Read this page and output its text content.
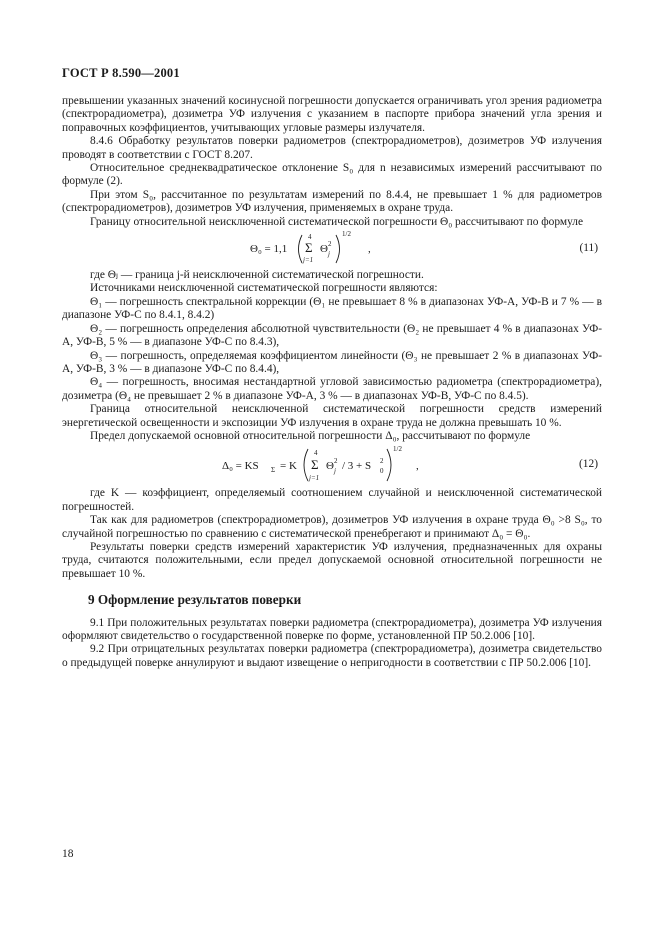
ГОСТ Р 8.590—2001

превышении указанных значений косинусной погрешности допускается ограничивать угол зрения радиометра (спектрорадиометра), дозиметра УФ излучения с указанием в паспорте прибора значений угла зрения и поправочных коэффициентов, учитывающих угловые размеры излучателя.

8.4.6 Обработку результатов поверки радиометров (спектрорадиометров), дозиметров УФ излучения проводят в соответствии с ГОСТ 8.207.

Относительное среднеквадратическое отклонение S₀ для n независимых измерений рассчитывают по формуле (2).

При этом S₀, рассчитанное по результатам измерений по 8.4.4, не превышает 1 % для радиометров (спектрорадиометров), дозиметров УФ излучения, применяемых в охране труда.

Границу относительной неисключенной систематической погрешности Θ₀ рассчитывают по формуле

Θ₀ = 1,1
4
Σ
j=1
Θ 2
j
1/2
,	(11)

где Θⱼ — граница j-й неисключенной систематической погрешности.

Источниками неисключенной систематической погрешности являются:

Θ₁ — погрешность спектральной коррекции (Θ₁ не превышает 8 % в диапазонах УФ-А, УФ-В и 7 % — в диапазоне УФ-С по 8.4.1, 8.4.2)

Θ₂ — погрешность определения абсолютной чувствительности (Θ₂ не превышает 4 % в диапазонах УФ-А, УФ-В, 5 % — в диапазоне УФ-С по 8.4.3),

Θ₃ — погрешность, определяемая коэффициентом линейности (Θ₃ не превышает 2 % в диапазонах УФ-А, УФ-В, 3 % — в диапазоне УФ-С по 8.4.4),

Θ₄ — погрешность, вносимая нестандартной угловой зависимостью радиометра (спектрорадиометра), дозиметра (Θ₄ не превышает 2 % в диапазоне УФ-А, 3 % — в диапазонах УФ-В, УФ-С по 8.4.5).

Граница относительной неисключенной систематической погрешности средств измерений энергетической освещенности и экспозиции УФ излучения в охране труда не должна превышать 10 %.

Предел допускаемой основной относительной погрешности Δ₀, рассчитывают по формуле

Δ₀ = KS Σ = K
4
Σ
j=1
Θ 2
j / 3 + S 2
0
1/2
,	(12)

где K — коэффициент, определяемый соотношением случайной и неисключенной систематической погрешностей.

Так как для радиометров (спектрорадиометров), дозиметров УФ излучения в охране труда Θ₀ >8 S₀, то случайной погрешностью по сравнению с систематической пренебрегают и принимают Δ₀ = Θ₀.

Результаты поверки средств измерений характеристик УФ излучения, предназначенных для охраны труда, считаются положительными, если предел допускаемой основной относительной погрешности не превышает 10 %.

9 Оформление результатов поверки

9.1 При положительных результатах поверки радиометра (спектрорадиометра), дозиметра УФ излучения оформляют свидетельство о государственной поверке по форме, установленной ПР 50.2.006 [10].

9.2 При отрицательных результатах поверки радиометра (спектрорадиометра), дозиметра свидетельство о предыдущей поверке аннулируют и выдают извещение о непригодности в соответствии с ПР 50.2.006 [10].

18
